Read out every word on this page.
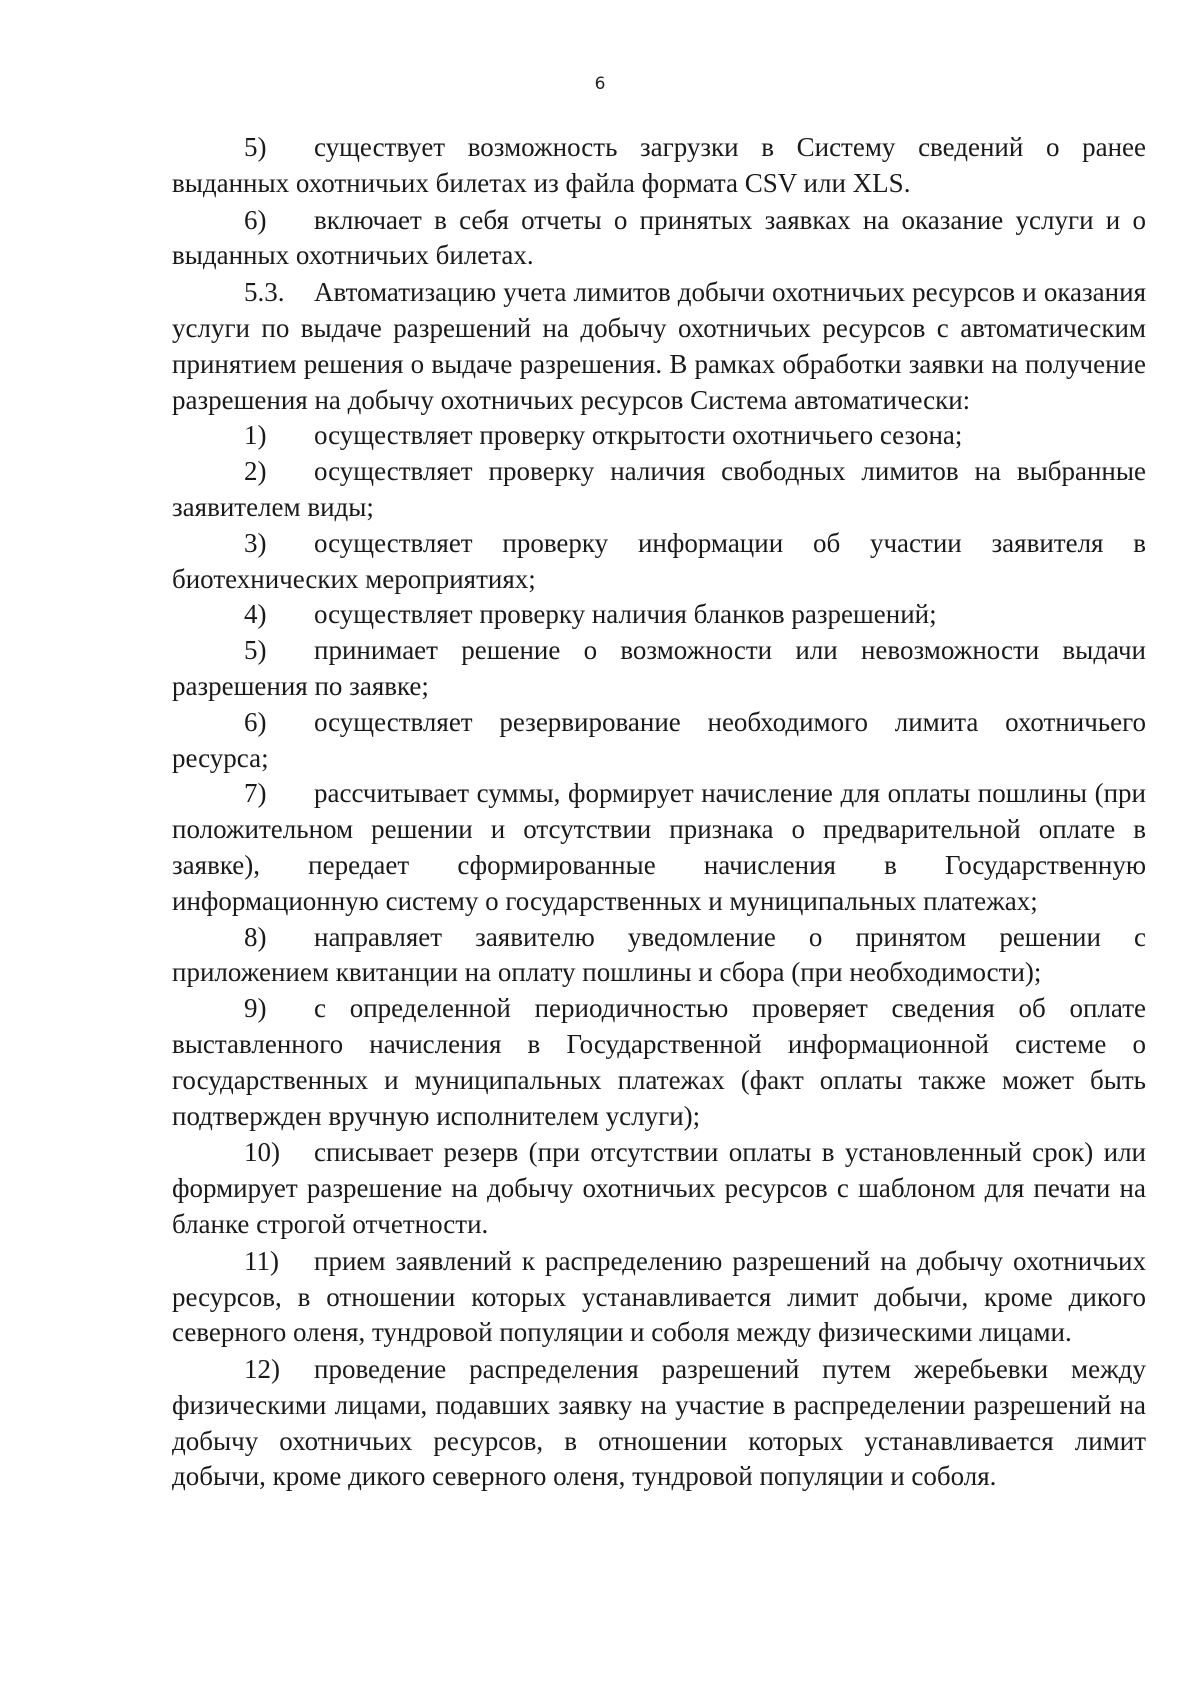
6

5) существует возможность загрузки в Систему сведений о ранее выданных охотничьих билетах из файла формата CSV или XLS.

6) включает в себя отчеты о принятых заявках на оказание услуги и о выданных охотничьих билетах.

5.3. Автоматизацию учета лимитов добычи охотничьих ресурсов и оказания услуги по выдаче разрешений на добычу охотничьих ресурсов с автоматическим принятием решения о выдаче разрешения. В рамках обработки заявки на получение разрешения на добычу охотничьих ресурсов Система автоматически:

1) осуществляет проверку открытости охотничьего сезона;

2) осуществляет проверку наличия свободных лимитов на выбранные заявителем виды;

3) осуществляет проверку информации об участии заявителя в биотехнических мероприятиях;

4) осуществляет проверку наличия бланков разрешений;

5) принимает решение о возможности или невозможности выдачи разрешения по заявке;

6) осуществляет резервирование необходимого лимита охотничьего ресурса;

7) рассчитывает суммы, формирует начисление для оплаты пошлины (при положительном решении и отсутствии признака о предварительной оплате в заявке), передает сформированные начисления в Государственную информационную систему о государственных и муниципальных платежах;

8) направляет заявителю уведомление о принятом решении с приложением квитанции на оплату пошлины и сбора (при необходимости);

9) с определенной периодичностью проверяет сведения об оплате выставленного начисления в Государственной информационной системе о государственных и муниципальных платежах (факт оплаты также может быть подтвержден вручную исполнителем услуги);

10) списывает резерв (при отсутствии оплаты в установленный срок) или формирует разрешение на добычу охотничьих ресурсов с шаблоном для печати на бланке строгой отчетности.

11) прием заявлений к распределению разрешений на добычу охотничьих ресурсов, в отношении которых устанавливается лимит добычи, кроме дикого северного оленя, тундровой популяции и соболя между физическими лицами.

12) проведение распределения разрешений путем жеребьевки между физическими лицами, подавших заявку на участие в распределении разрешений на добычу охотничьих ресурсов, в отношении которых устанавливается лимит добычи, кроме дикого северного оленя, тундровой популяции и соболя.
